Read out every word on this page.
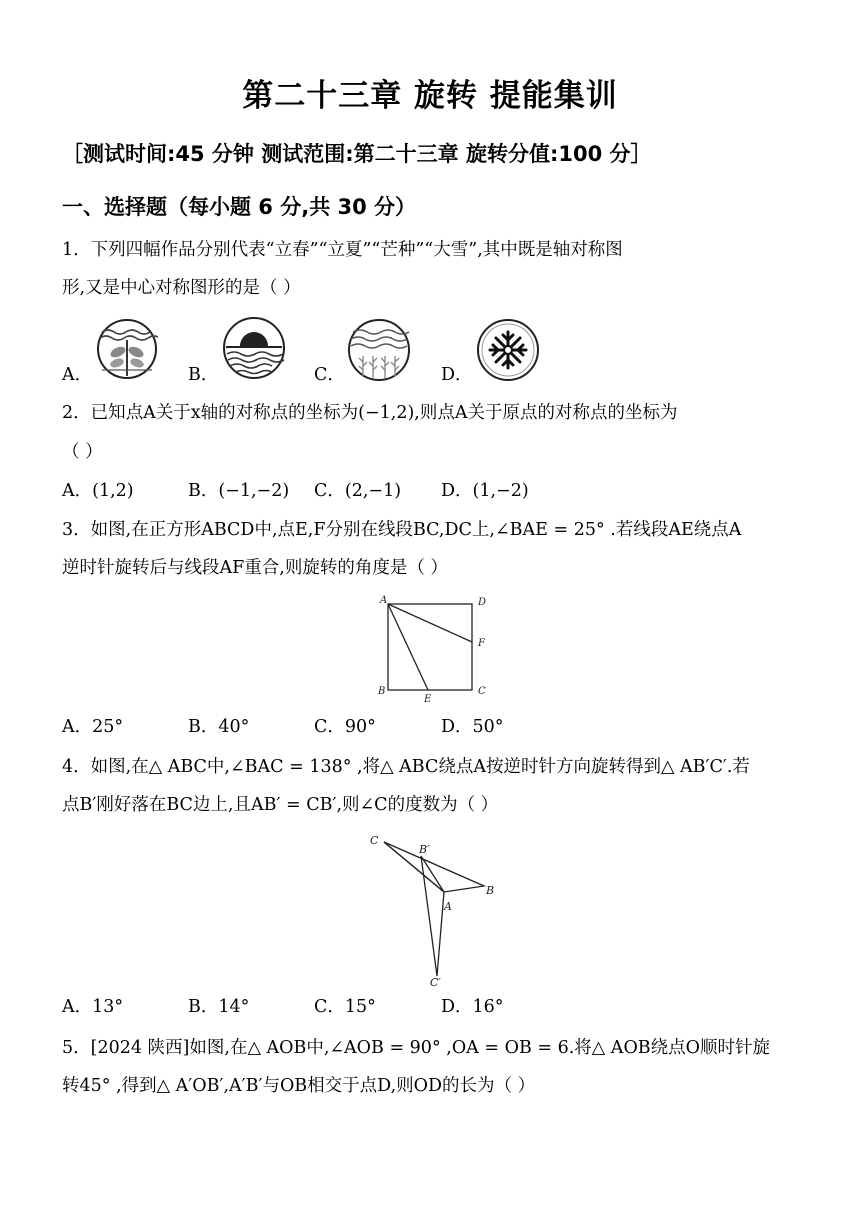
第二十三章 旋转 提能集训
［测试时间:45 分钟 测试范围:第二十三章 旋转分值:100 分］
一、选择题（每小题 6 分,共 30 分）
1．下列四幅作品分别代表“立春”“立夏”“芒种”“大雪”,其中既是轴对称图
形,又是中心对称图形的是（ ）
A．	B．	C．	D．
2．已知点A关于x轴的对称点的坐标为(−1,2),则点A关于原点的对称点的坐标为
（ ）
A．(1,2)	B．(−1,−2) C．(2,−1) D．(1,−2)
3．如图,在正方形ABCD中,点E,F分别在线段BC,DC上,∠BAE = 25° .若线段AE绕点A
逆时针旋转后与线段AF重合,则旋转的角度是（ ）
A	D
F
B
E
C
A．25°	B．40°	C．90°	D．50°
4．如图,在△ ABC中,∠BAC = 138° ,将△ ABC绕点A按逆时针方向旋转得到△ AB′C′.若
点B′刚好落在BC边上,且AB′ = CB′,则∠C的度数为（ ）
C
B′
B
A
C′
A．13°	B．14°	C．15°	D．16°
5．[2024 陕西]如图,在△ AOB中,∠AOB = 90° ,OA = OB = 6.将△ AOB绕点O顺时针旋
转45° ,得到△ A′OB′,A′B′与OB相交于点D,则OD的长为（ ）
